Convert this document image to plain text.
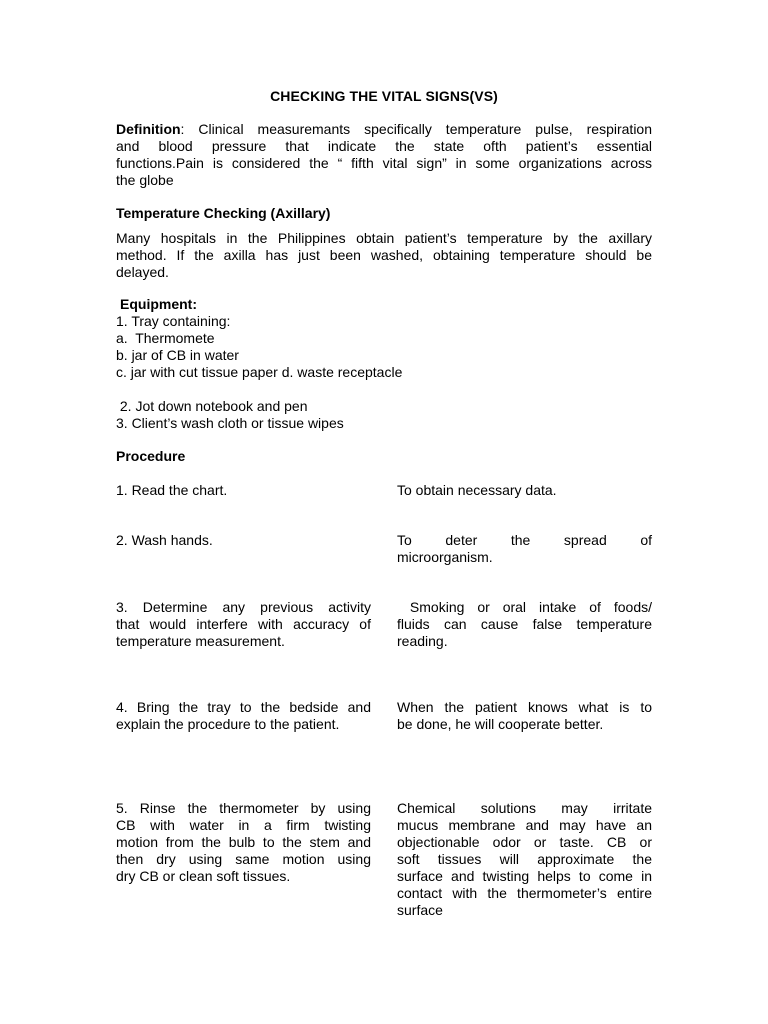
CHECKING THE VITAL SIGNS(VS)
Definition: Clinical measuremants specifically temperature pulse, respiration
and blood pressure that indicate the state ofth patient’s essential
functions.Pain is considered the “ fifth vital sign” in some organizations across
the globe
Temperature Checking (Axillary)
Many hospitals in the Philippines obtain patient’s temperature by the axillary
method. If the axilla has just been washed, obtaining temperature should be
delayed.
Equipment:
1. Tray containing:
a.  Thermomete
b. jar of CB in water
c. jar with cut tissue paper d. waste receptacle
2. Jot down notebook and pen
3. Client’s wash cloth or tissue wipes
Procedure
1. Read the chart.	To obtain necessary data.
2. Wash hands.	To deter the spread of
microorganism.
3. Determine any previous activity
that would interfere with accuracy of
temperature measurement.
Smoking or oral intake of foods/
fluids can cause false temperature
reading.
4. Bring the tray to the bedside and
explain the procedure to the patient.
When the patient knows what is to
be done, he will cooperate better.
5. Rinse the thermometer by using
CB with water in a firm twisting
motion from the bulb to the stem and
then dry using same motion using
dry CB or clean soft tissues.
Chemical solutions may irritate
mucus membrane and may have an
objectionable odor or taste. CB or
soft tissues will approximate the
surface and twisting helps to come in
contact with the thermometer’s entire
surface
